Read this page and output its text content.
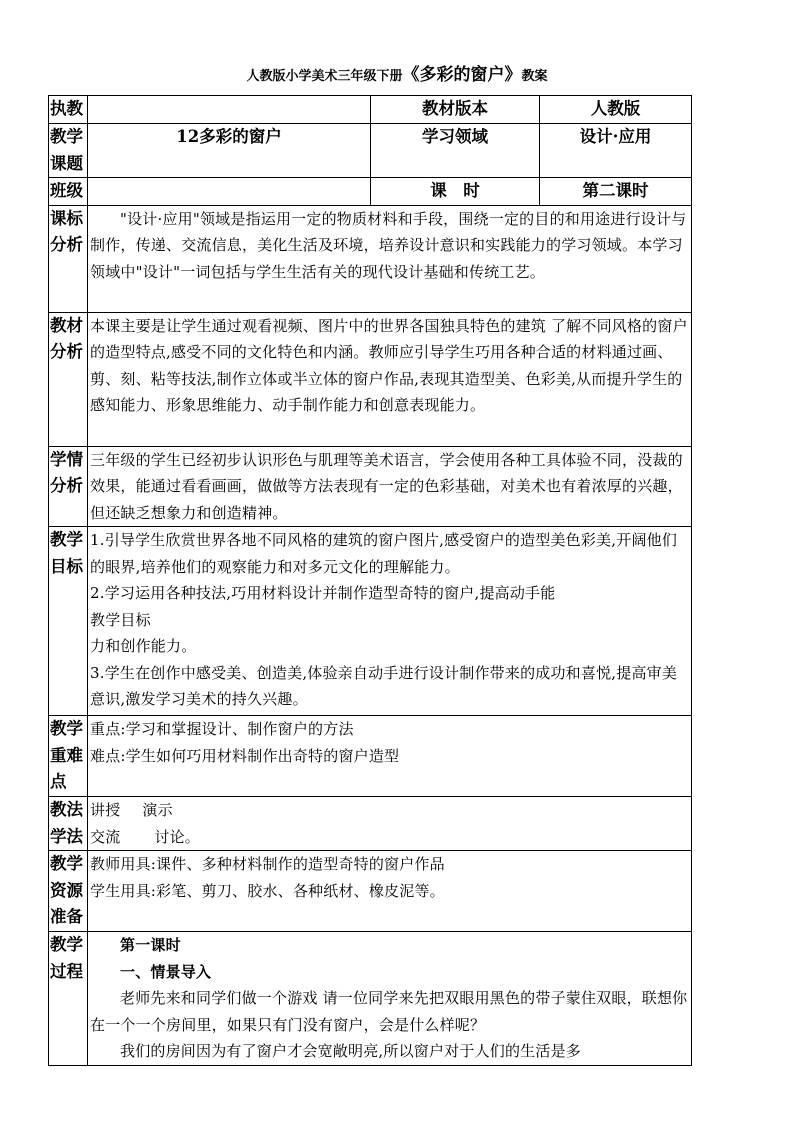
人教版小学美术三年级下册《多彩的窗户》教案
执教		教材版本	人教版
教学课题	12多彩的窗户	学习领域	设计·应用
班级		课　时	第二课时
课标分析	"设计·应用"领域是指运用一定的物质材料和手段，围绕一定的目的和用途进行设计与制作，传递、交流信息，美化生活及环境，培养设计意识和实践能力的学习领域。本学习领域中"设计"一词包括与学生生活有关的现代设计基础和传统工艺。		

教材分析	本课主要是让学生通过观看视频、图片中的世界各国独具特色的建筑 了解不同风格的窗户的造型特点,感受不同的文化特色和内涵。教师应引导学生巧用各种合适的材料通过画、剪、刻、粘等技法,制作立体或半立体的窗户作品,表现其造型美、色彩美,从而提升学生的感知能力、形象思维能力、动手制作能力和创意表现能力。		

学情分析	三年级的学生已经初步认识形色与肌理等美术语言，学会使用各种工具体验不同，没裁的效果，能通过看看画画，做做等方法表现有一定的色彩基础，对美术也有着浓厚的兴趣，但还缺乏想象力和创造精神。		

教学目标	1.引导学生欣赏世界各地不同风格的建筑的窗户图片,感受窗户的造型美色彩美,开阔他们的眼界,培养他们的观察能力和对多元文化的理解能力。

2.学习运用各种技法,巧用材料设计并制作造型奇特的窗户,提高动手能

教学目标

力和创作能力。

3.学生在创作中感受美、创造美,体验亲自动手进行设计制作带来的成功和喜悦,提高审美意识,激发学习美术的持久兴趣。		

教学重难点	重点:学习和掌握设计、制作窗户的方法

难点:学生如何巧用材料制作出奇特的窗户造型		

教法学法	讲授 演示

交流 讨论。		

教学资源准备	教师用具:课件、多种材料制作的造型奇特的窗户作品

学生用具:彩笔、剪刀、胶水、各种纸材、橡皮泥等。		

教学过程	第一课时

一、情景导入

老师先来和同学们做一个游戏 请一位同学来先把双眼用黑色的带子蒙住双眼，联想你在一个一个房间里，如果只有门没有窗户，会是什么样呢？

我们的房间因为有了窗户才会宽敞明亮,所以窗户对于人们的生活是多		
